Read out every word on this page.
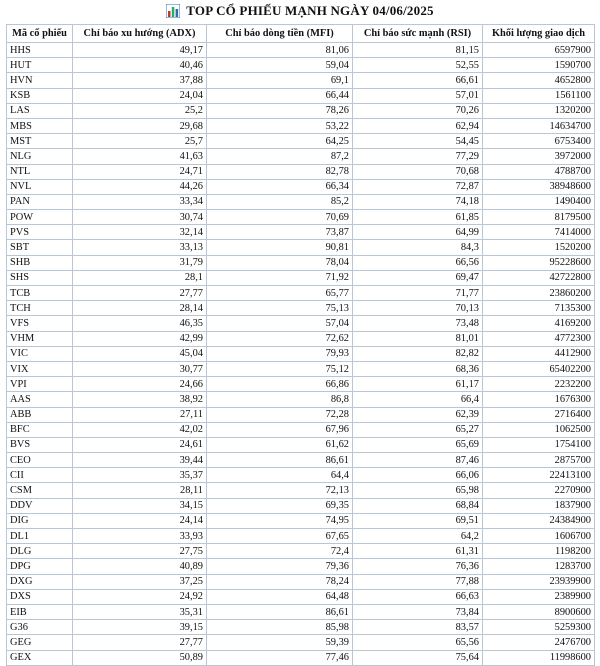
TOP CỔ PHIẾU MẠNH NGÀY 04/06/2025
Mã cổ phiếu	Chỉ báo xu hướng (ADX)	Chỉ báo dòng tiền (MFI)	Chỉ báo sức mạnh (RSI)	Khối lượng giao dịch
HHS	49,17	81,06	81,15	6597900
HUT	40,46	59,04	52,55	1590700
HVN	37,88	69,1	66,61	4652800
KSB	24,04	66,44	57,01	1561100
LAS	25,2	78,26	70,26	1320200
MBS	29,68	53,22	62,94	14634700
MST	25,7	64,25	54,45	6753400
NLG	41,63	87,2	77,29	3972000
NTL	24,71	82,78	70,68	4788700
NVL	44,26	66,34	72,87	38948600
PAN	33,34	85,2	74,18	1490400
POW	30,74	70,69	61,85	8179500
PVS	32,14	73,87	64,99	7414000
SBT	33,13	90,81	84,3	1520200
SHB	31,79	78,04	66,56	95228600
SHS	28,1	71,92	69,47	42722800
TCB	27,77	65,77	71,77	23860200
TCH	28,14	75,13	70,13	7135300
VFS	46,35	57,04	73,48	4169200
VHM	42,99	72,62	81,01	4772300
VIC	45,04	79,93	82,82	4412900
VIX	30,77	75,12	68,36	65402200
VPI	24,66	66,86	61,17	2232200
AAS	38,92	86,8	66,4	1676300
ABB	27,11	72,28	62,39	2716400
BFC	42,02	67,96	65,27	1062500
BVS	24,61	61,62	65,69	1754100
CEO	39,44	86,61	87,46	2875700
CII	35,37	64,4	66,06	22413100
CSM	28,11	72,13	65,98	2270900
DDV	34,15	69,35	68,84	1837900
DIG	24,14	74,95	69,51	24384900
DL1	33,93	67,65	64,2	1606700
DLG	27,75	72,4	61,31	1198200
DPG	40,89	79,36	76,36	1283700
DXG	37,25	78,24	77,88	23939900
DXS	24,92	64,48	66,63	2389900
EIB	35,31	86,61	73,84	8900600
G36	39,15	85,98	83,57	5259300
GEG	27,77	59,39	65,56	2476700
GEX	50,89	77,46	75,64	11998600
